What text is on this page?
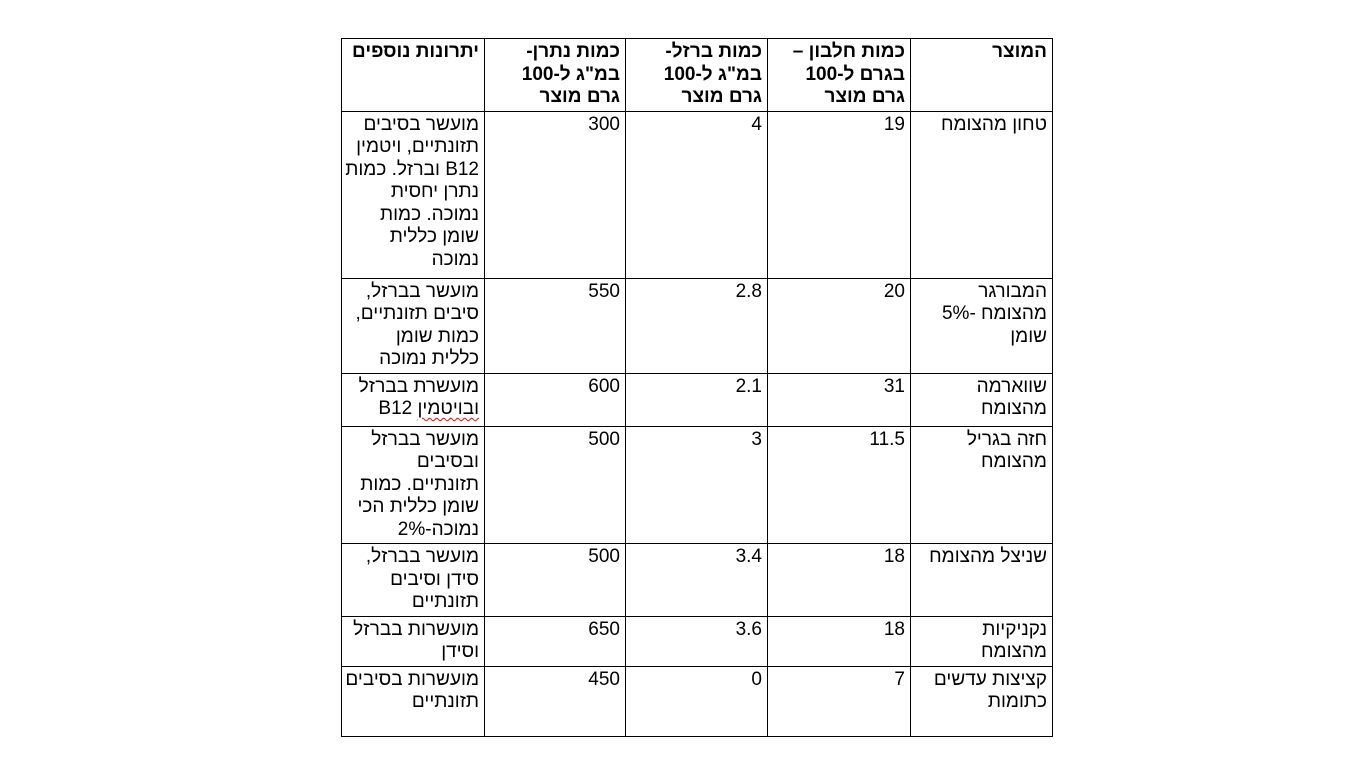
המוצר	כמות חלבון – בגרם ל-100 גרם מוצר	כמות ברזל- במ"ג ל-100 גרם מוצר	כמות נתרן- במ"ג ל-100 גרם מוצר	יתרונות נוספים
טחון מהצומח	19	4	300	מועשר בסיבים תזונתיים, ויטמין B12 וברזל. כמות נתרן יחסית נמוכה. כמות שומן כללית נמוכה
המבורגר מהצומח -5% שומן	20	2.8	550	מועשר בברזל, סיבים תזונתיים, כמות שומן כללית נמוכה
שווארמה מהצומח	31	2.1	600	מועשרת בברזל ובויטמין B12
חזה בגריל מהצומח	11.5	3	500	מועשר בברזל ובסיבים תזונתיים. כמות שומן כללית הכי נמוכה-2%
שניצל מהצומח	18	3.4	500	מועשר בברזל, סידן וסיבים תזונתיים
נקניקיות מהצומח	18	3.6	650	מועשרות בברזל וסידן
קציצות עדשים כתומות	7	0	450	מועשרות בסיבים תזונתיים
